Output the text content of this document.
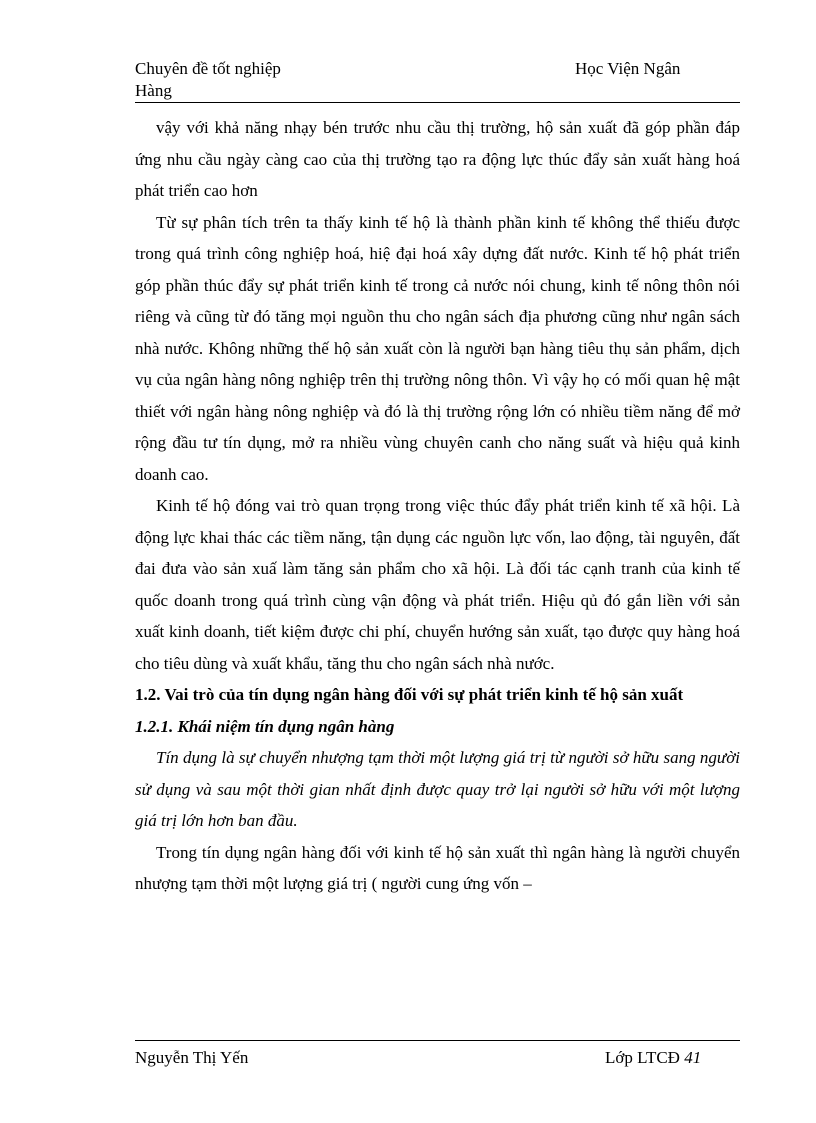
Chuyên đề tốt nghiệp
Hàng
Học Viện Ngân

vậy với khả năng nhạy bén trước nhu cầu thị trường, hộ sản xuất đã góp phần đáp ứng nhu cầu ngày càng cao của thị trường tạo ra động lực thúc đẩy sản xuất hàng hoá phát triển cao hơn

Từ sự phân tích trên ta thấy kinh tế hộ là thành phần kinh tế không thể thiếu được trong quá trình công nghiệp hoá, hiệ đại hoá xây dựng đất nước. Kinh tế hộ phát triển góp phần thúc đẩy sự phát triển kinh tế trong cả nước nói chung, kinh tế nông thôn nói riêng và cũng từ đó tăng mọi nguồn thu cho ngân sách địa phương cũng như ngân sách nhà nước. Không những thế hộ sản xuất còn là người bạn hàng tiêu thụ sản phẩm, dịch vụ của ngân hàng nông nghiệp trên thị trường nông thôn. Vì vậy họ có mối quan hệ mật thiết với ngân hàng nông nghiệp và đó là thị trường rộng lớn có nhiều tiềm năng để mở rộng đầu tư tín dụng, mở ra nhiều vùng chuyên canh cho năng suất và hiệu quả kinh doanh cao.

Kinh tế hộ đóng vai trò quan trọng trong việc thúc đẩy phát triển kinh tế xã hội. Là động lực khai thác các tiềm năng, tận dụng các nguồn lực vốn, lao động, tài nguyên, đất đai đưa vào sản xuấ làm tăng sản phẩm cho xã hội. Là đối tác cạnh tranh của kinh tế quốc doanh trong quá trình cùng vận động và phát triển. Hiệu qủ đó gắn liền với sản xuất kinh doanh, tiết kiệm được chi phí, chuyển hướng sản xuất, tạo được quy hàng hoá cho tiêu dùng và xuất khẩu, tăng thu cho ngân sách nhà nước.

1.2. Vai trò của tín dụng ngân hàng đối với sự phát triển kinh tế hộ sản xuất

1.2.1. Khái niệm tín dụng ngân hàng

Tín dụng là sự chuyển nhượng tạm thời một lượng giá trị từ người sở hữu sang người sử dụng và sau một thời gian nhất định được quay trở lại người sở hữu với một lượng giá trị lớn hơn ban đầu.

Trong tín dụng ngân hàng đối với kinh tế hộ sản xuất thì ngân hàng là người chuyển nhượng tạm thời một lượng giá trị ( người cung ứng vốn –

Nguyễn Thị Yến	Lớp LTCĐ 41
